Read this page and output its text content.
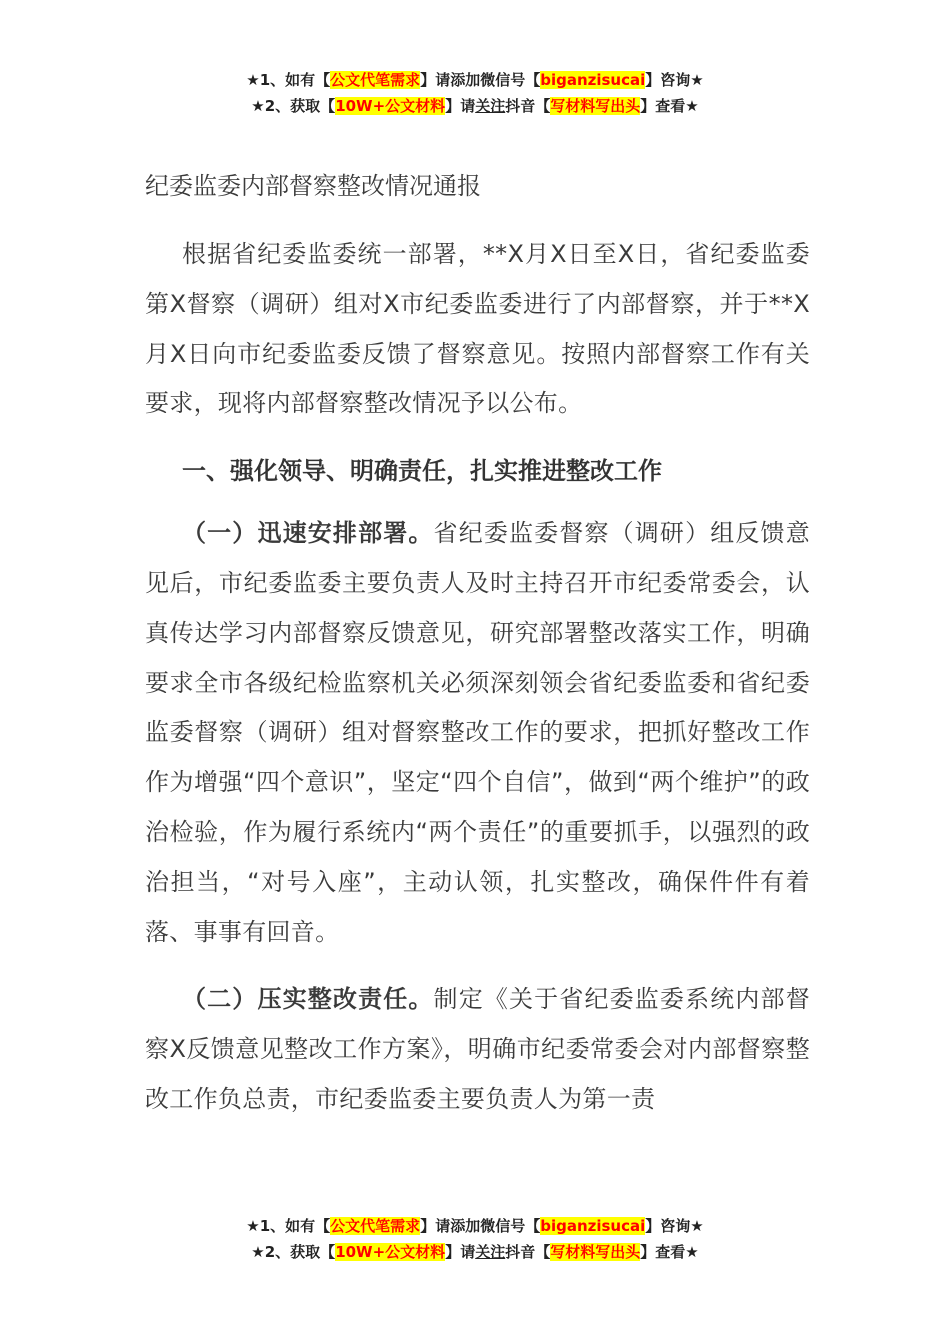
★1、如有【公文代笔需求】请添加微信号【biganzisucai】咨询★
★2、获取【10W+公文材料】请关注抖音【写材料写出头】查看★
纪委监委内部督察整改情况通报

根据省纪委监委统一部署，**X月X日至X日，省纪委监委第X督察（调研）组对X市纪委监委进行了内部督察，并于**X月X日向市纪委监委反馈了督察意见。按照内部督察工作有关要求，现将内部督察整改情况予以公布。

一、强化领导、明确责任，扎实推进整改工作

（一）迅速安排部署。省纪委监委督察（调研）组反馈意见后，市纪委监委主要负责人及时主持召开市纪委常委会，认真传达学习内部督察反馈意见，研究部署整改落实工作，明确要求全市各级纪检监察机关必须深刻领会省纪委监委和省纪委监委督察（调研）组对督察整改工作的要求，把抓好整改工作作为增强“四个意识”，坚定“四个自信”，做到“两个维护”的政治检验，作为履行系统内“两个责任”的重要抓手，以强烈的政治担当，“对号入座”，主动认领，扎实整改，确保件件有着落、事事有回音。

（二）压实整改责任。制定《关于省纪委监委系统内部督察X反馈意见整改工作方案》，明确市纪委常委会对内部督察整改工作负总责，市纪委监委主要负责人为第一责

★1、如有【公文代笔需求】请添加微信号【biganzisucai】咨询★
★2、获取【10W+公文材料】请关注抖音【写材料写出头】查看★
